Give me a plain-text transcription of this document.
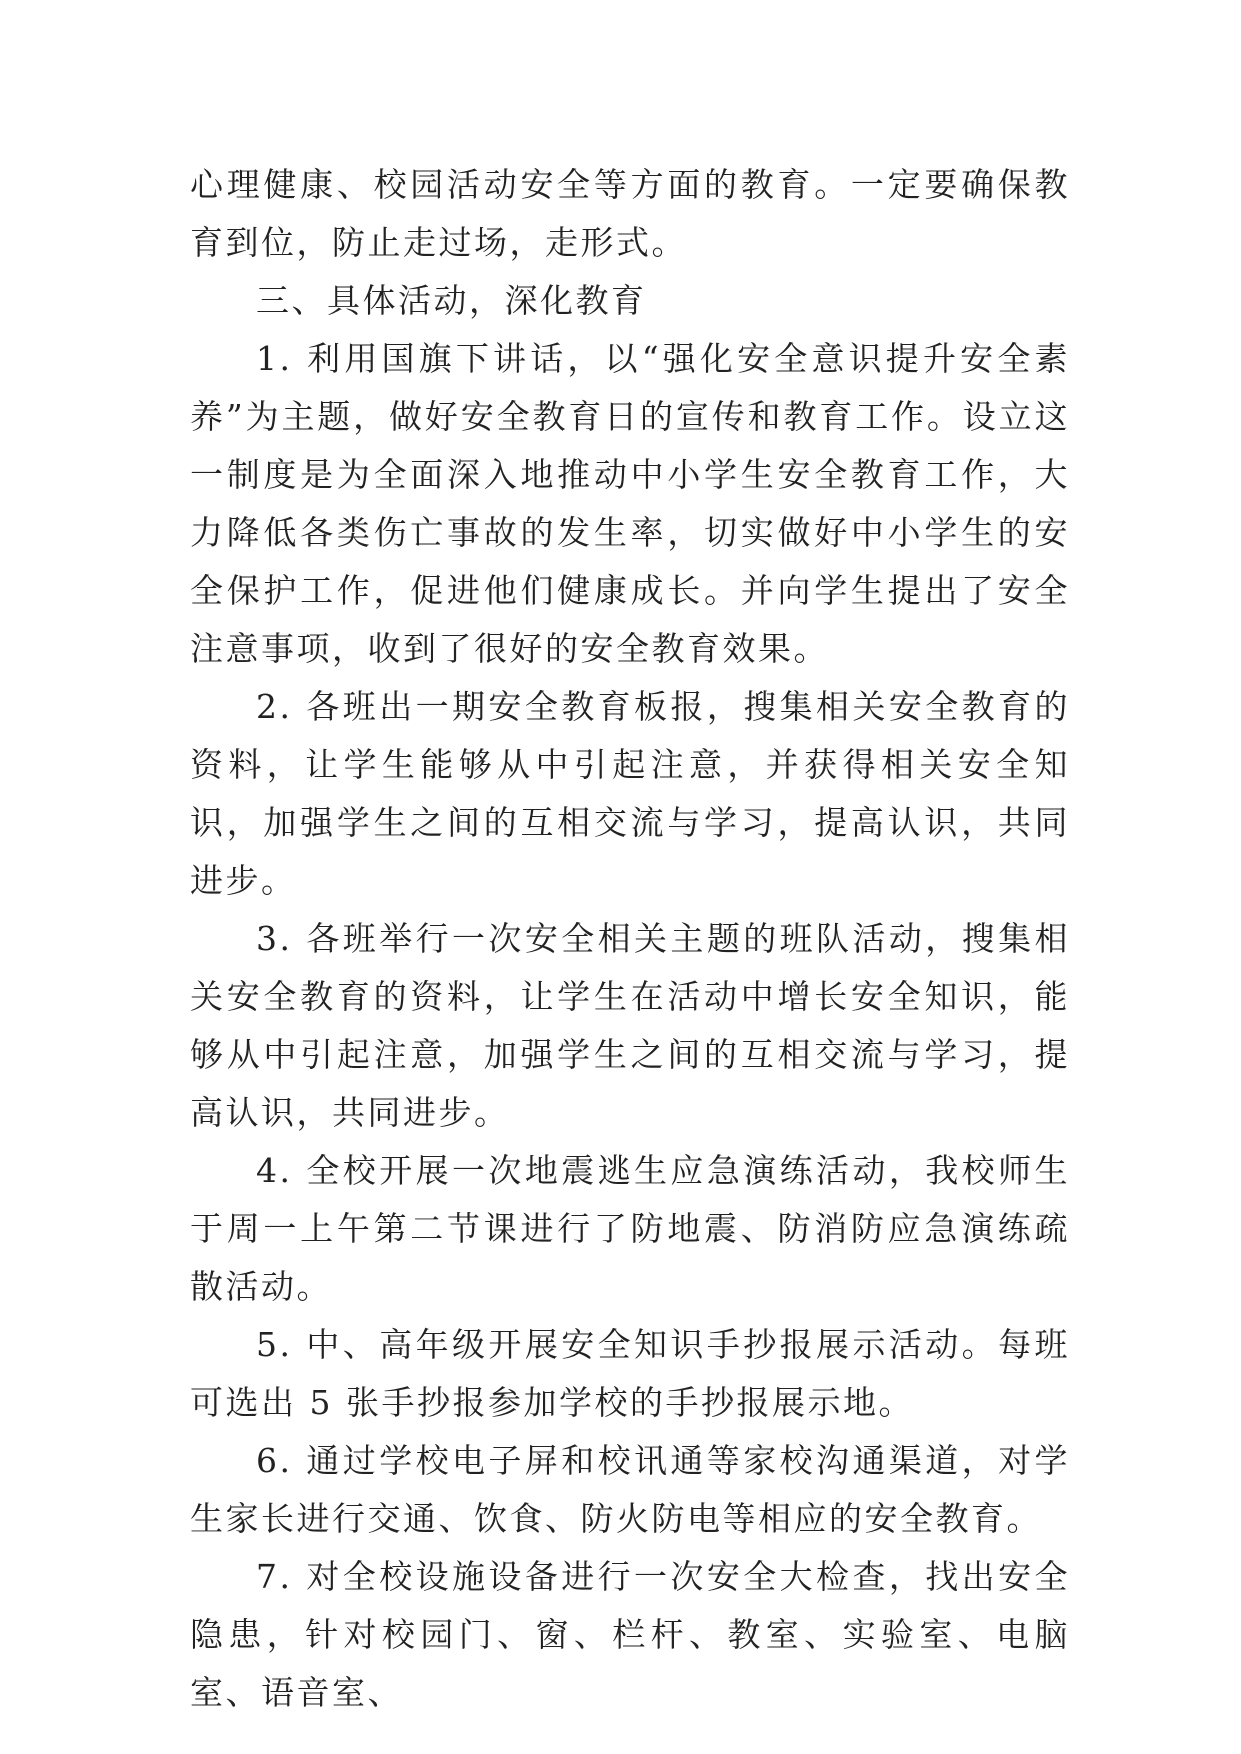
心理健康、校园活动安全等方面的教育。一定要确保教育到位，防止走过场，走形式。

三、具体活动，深化教育

1. 利用国旗下讲话，以“强化安全意识提升安全素养”为主题，做好安全教育日的宣传和教育工作。设立这一制度是为全面深入地推动中小学生安全教育工作，大力降低各类伤亡事故的发生率，切实做好中小学生的安全保护工作，促进他们健康成长。并向学生提出了安全注意事项，收到了很好的安全教育效果。

2. 各班出一期安全教育板报，搜集相关安全教育的资料，让学生能够从中引起注意，并获得相关安全知识，加强学生之间的互相交流与学习，提高认识，共同进步。

3. 各班举行一次安全相关主题的班队活动，搜集相关安全教育的资料，让学生在活动中增长安全知识，能够从中引起注意，加强学生之间的互相交流与学习，提高认识，共同进步。

4. 全校开展一次地震逃生应急演练活动，我校师生于周一上午第二节课进行了防地震、防消防应急演练疏散活动。

5. 中、高年级开展安全知识手抄报展示活动。每班可选出 5 张手抄报参加学校的手抄报展示地。

6. 通过学校电子屏和校讯通等家校沟通渠道，对学生家长进行交通、饮食、防火防电等相应的安全教育。

7. 对全校设施设备进行一次安全大检查，找出安全隐患，针对校园门、窗、栏杆、教室、实验室、电脑室、语音室、
